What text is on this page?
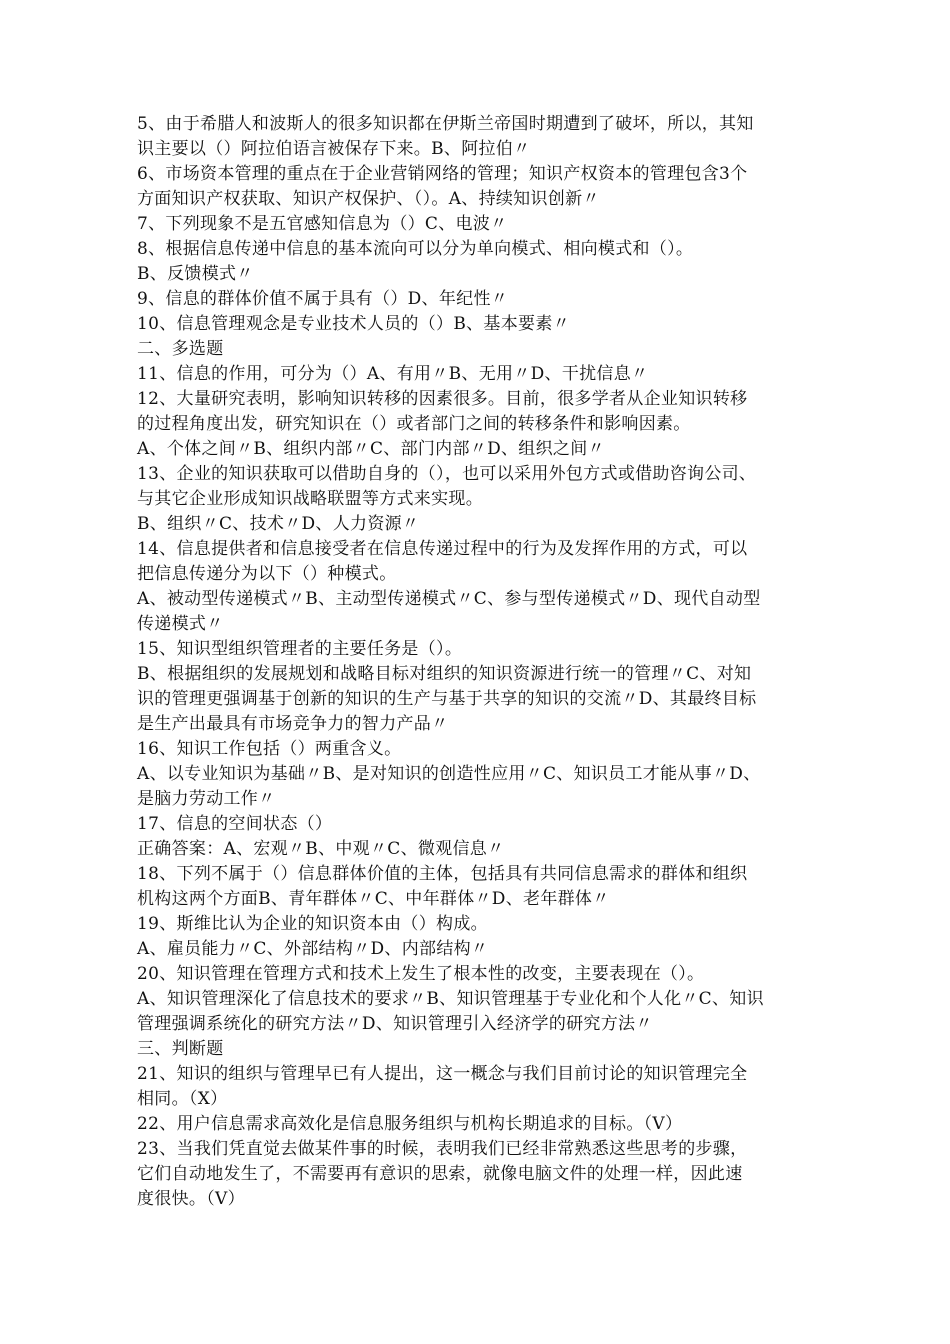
5、由于希腊人和波斯人的很多知识都在伊斯兰帝国时期遭到了破坏，所以，其知
识主要以（）阿拉伯语言被保存下来。B、阿拉伯〃
6、市场资本管理的重点在于企业营销网络的管理；知识产权资本的管理包含3个
方面知识产权获取、知识产权保护、（）。A、持续知识创新〃
7、下列现象不是五官感知信息为（）C、电波〃
8、根据信息传递中信息的基本流向可以分为单向模式、相向模式和（）。
B、反馈模式〃
9、信息的群体价值不属于具有（）D、年纪性〃
10、信息管理观念是专业技术人员的（）B、基本要素〃
二、多选题
11、信息的作用，可分为（）A、有用〃B、无用〃D、干扰信息〃
12、大量研究表明，影响知识转移的因素很多。目前，很多学者从企业知识转移
的过程角度出发，研究知识在（）或者部门之间的转移条件和影响因素。
A、个体之间〃B、组织内部〃C、部门内部〃D、组织之间〃
13、企业的知识获取可以借助自身的（），也可以采用外包方式或借助咨询公司、
与其它企业形成知识战略联盟等方式来实现。
B、组织〃C、技术〃D、人力资源〃
14、信息提供者和信息接受者在信息传递过程中的行为及发挥作用的方式，可以
把信息传递分为以下（）种模式。
A、被动型传递模式〃B、主动型传递模式〃C、参与型传递模式〃D、现代自动型
传递模式〃
15、知识型组织管理者的主要任务是（）。
B、根据组织的发展规划和战略目标对组织的知识资源进行统一的管理〃C、对知
识的管理更强调基于创新的知识的生产与基于共享的知识的交流〃D、其最终目标
是生产出最具有市场竞争力的智力产品〃
16、知识工作包括（）两重含义。
A、以专业知识为基础〃B、是对知识的创造性应用〃C、知识员工才能从事〃D、
是脑力劳动工作〃
17、信息的空间状态（）
正确答案：A、宏观〃B、中观〃C、微观信息〃
18、下列不属于（）信息群体价值的主体，包括具有共同信息需求的群体和组织
机构这两个方面B、青年群体〃C、中年群体〃D、老年群体〃
19、斯维比认为企业的知识资本由（）构成。
A、雇员能力〃C、外部结构〃D、内部结构〃
20、知识管理在管理方式和技术上发生了根本性的改变，主要表现在（）。
A、知识管理深化了信息技术的要求〃B、知识管理基于专业化和个人化〃C、知识
管理强调系统化的研究方法〃D、知识管理引入经济学的研究方法〃
三、判断题
21、知识的组织与管理早已有人提出，这一概念与我们目前讨论的知识管理完全
相同。（X）
22、用户信息需求高效化是信息服务组织与机构长期追求的目标。（V）
23、当我们凭直觉去做某件事的时候，表明我们已经非常熟悉这些思考的步骤，
它们自动地发生了，不需要再有意识的思索，就像电脑文件的处理一样，因此速
度很快。（V）
